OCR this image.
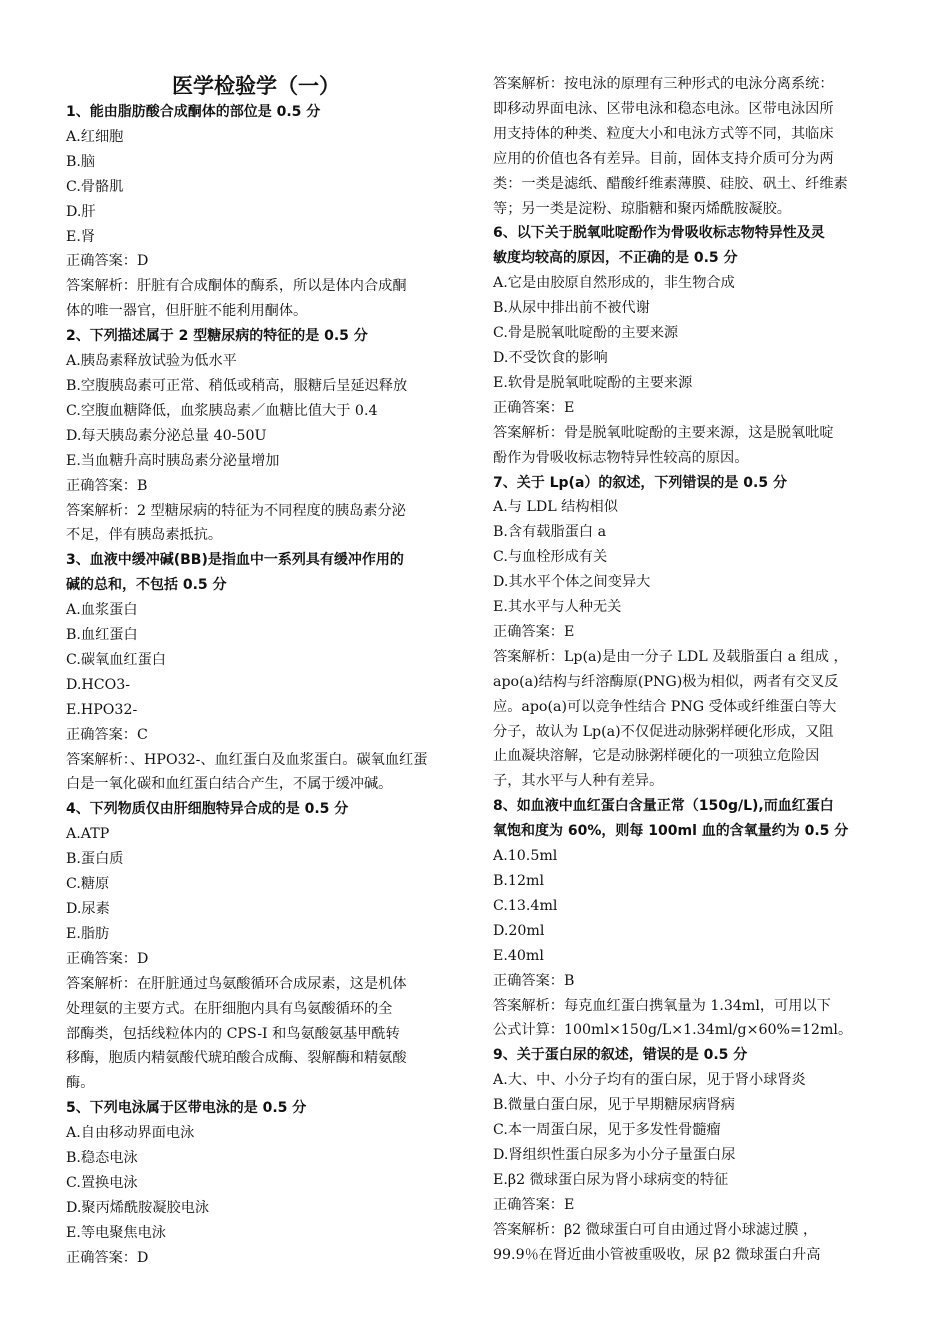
医学检验学（一）

1、能由脂肪酸合成酮体的部位是 0.5 分

A.红细胞

B.脑

C.骨骼肌

D.肝

E.肾

正确答案：D

答案解析：肝脏有合成酮体的酶系，所以是体内合成酮

体的唯一器官，但肝脏不能利用酮体。

2、下列描述属于 2 型糖尿病的特征的是 0.5 分

A.胰岛素释放试验为低水平

B.空腹胰岛素可正常、稍低或稍高，服糖后呈延迟释放

C.空腹血糖降低，血浆胰岛素／血糖比值大于 0.4

D.每天胰岛素分泌总量 40-50U

E.当血糖升高时胰岛素分泌量增加

正确答案：B

答案解析：2 型糖尿病的特征为不同程度的胰岛素分泌

不足，伴有胰岛素抵抗。

3、血液中缓冲碱(BB)是指血中一系列具有缓冲作用的

碱的总和，不包括 0.5 分

A.血浆蛋白

B.血红蛋白

C.碳氧血红蛋白

D.HCO3-

E.HPO32-

正确答案：C

答案解析：、HPO32-、血红蛋白及血浆蛋白。碳氧血红蛋

白是一氧化碳和血红蛋白结合产生，不属于缓冲碱。

4、下列物质仅由肝细胞特异合成的是 0.5 分

A.ATP

B.蛋白质

C.糖原

D.尿素

E.脂肪

正确答案：D

答案解析：在肝脏通过鸟氨酸循环合成尿素，这是机体

处理氨的主要方式。在肝细胞内具有鸟氨酸循环的全

部酶类，包括线粒体内的 CPS-Ⅰ 和鸟氨酸氨基甲酰转

移酶，胞质内精氨酸代琥珀酸合成酶、裂解酶和精氨酸

酶。

5、下列电泳属于区带电泳的是 0.5 分

A.自由移动界面电泳

B.稳态电泳

C.置换电泳

D.聚丙烯酰胺凝胶电泳

E.等电聚焦电泳

正确答案：D

答案解析：按电泳的原理有三种形式的电泳分离系统：

即移动界面电泳、区带电泳和稳态电泳。区带电泳因所

用支持体的种类、粒度大小和电泳方式等不同，其临床

应用的价值也各有差异。目前，固体支持介质可分为两

类：一类是滤纸、醋酸纤维素薄膜、硅胶、矾土、纤维素

等；另一类是淀粉、琼脂糖和聚丙烯酰胺凝胶。

6、以下关于脱氧吡啶酚作为骨吸收标志物特异性及灵

敏度均较高的原因，不正确的是 0.5 分

A.它是由胶原自然形成的，非生物合成

B.从尿中排出前不被代谢

C.骨是脱氧吡啶酚的主要来源

D.不受饮食的影响

E.软骨是脱氧吡啶酚的主要来源

正确答案：E

答案解析：骨是脱氧吡啶酚的主要来源，这是脱氧吡啶

酚作为骨吸收标志物特异性较高的原因。

7、关于 Lp(a）的叙述，下列错误的是 0.5 分

A.与 LDL 结构相似

B.含有载脂蛋白 a

C.与血栓形成有关

D.其水平个体之间变异大

E.其水平与人种无关

正确答案：E

答案解析：Lp(a)是由一分子 LDL 及载脂蛋白 a 组成 ，

apo(a)结构与纤溶酶原(PNG)极为相似，两者有交叉反

应。apo(a)可以竞争性结合 PNG 受体或纤维蛋白等大

分子，故认为 Lp(a)不仅促进动脉粥样硬化形成，又阻

止血凝块溶解，它是动脉粥样硬化的一项独立危险因

子，其水平与人种有差异。

8、如血液中血红蛋白含量正常（150g/L),而血红蛋白

氧饱和度为 60%，则每 100ml 血的含氧量约为 0.5 分

A.10.5ml

B.12ml

C.13.4ml

D.20ml

E.40ml

正确答案：B

答案解析：每克血红蛋白携氧量为 1.34ml，可用以下

公式计算：100ml×150g/L×1.34ml/g×60%=12ml。

9、关于蛋白尿的叙述，错误的是 0.5 分

A.大、中、小分子均有的蛋白尿，见于肾小球肾炎

B.微量白蛋白尿，见于早期糖尿病肾病

C.本一周蛋白尿，见于多发性骨髓瘤

D.肾组织性蛋白尿多为小分子量蛋白尿

E.β2 微球蛋白尿为肾小球病变的特征

正确答案：E

答案解析：β2 微球蛋白可自由通过肾小球滤过膜 ，

99.9％在肾近曲小管被重吸收，尿 β2 微球蛋白升高
